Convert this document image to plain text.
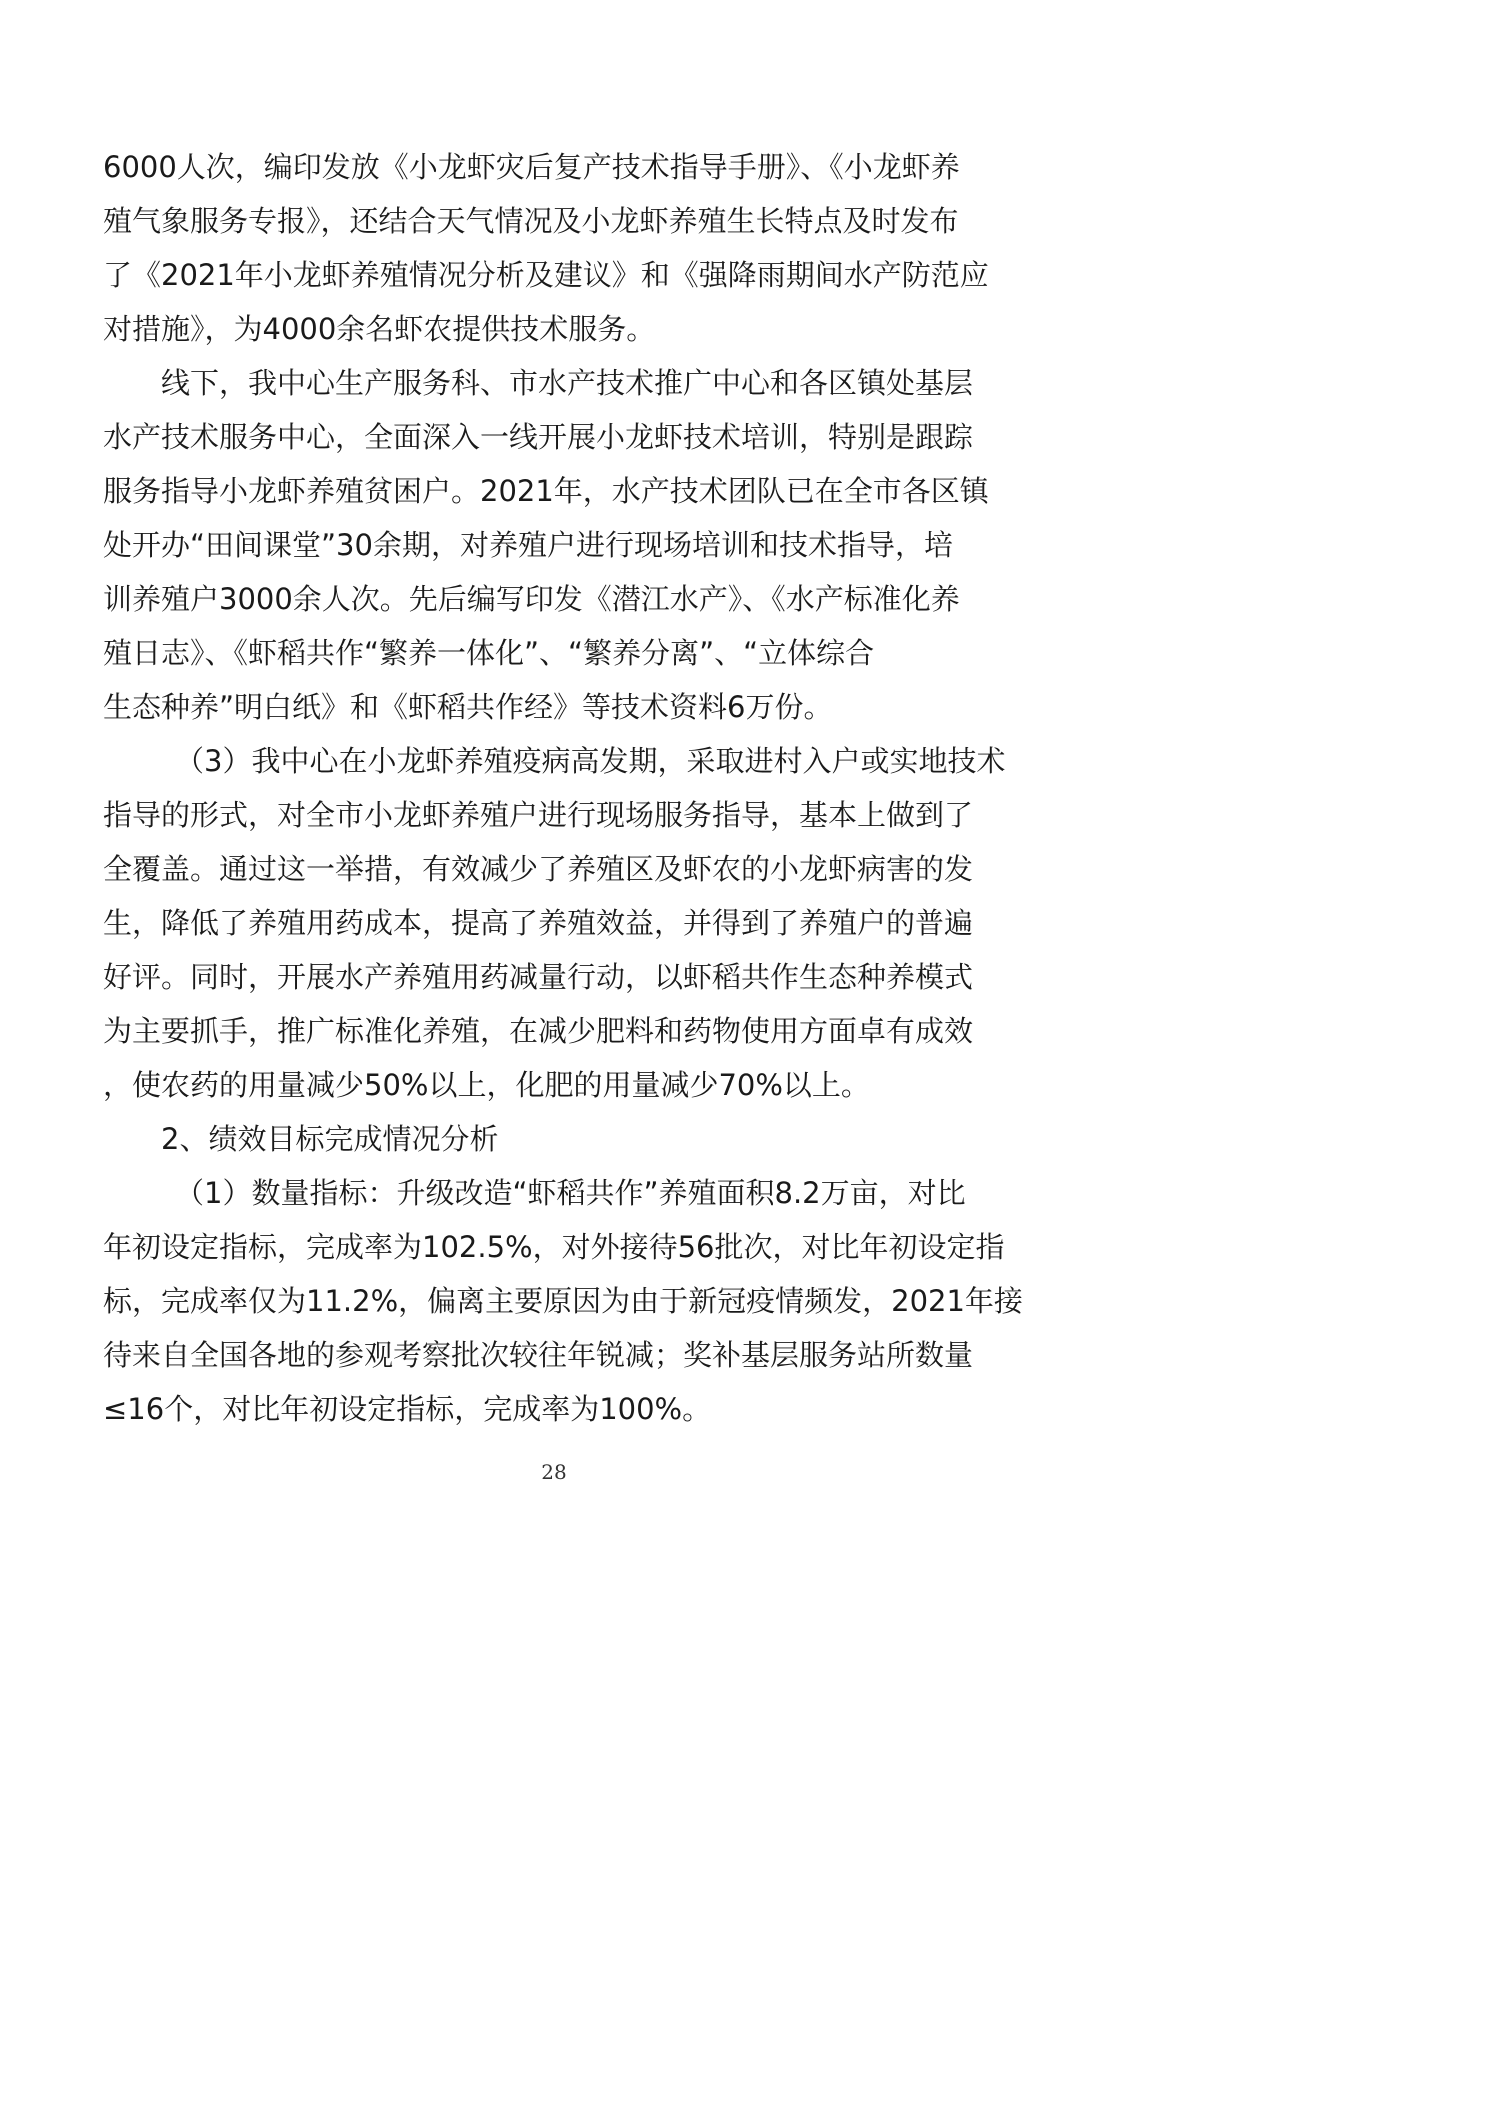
6000人次，编印发放《小龙虾灾后复产技术指导手册》、《小龙虾养
殖气象服务专报》，还结合天气情况及小龙虾养殖生长特点及时发布
了《2021年小龙虾养殖情况分析及建议》和《强降雨期间水产防范应
对措施》，为4000余名虾农提供技术服务。
线下，我中心生产服务科、市水产技术推广中心和各区镇处基层
水产技术服务中心，全面深入一线开展小龙虾技术培训，特别是跟踪
服务指导小龙虾养殖贫困户。2021年，水产技术团队已在全市各区镇
处开办“田间课堂”30余期，对养殖户进行现场培训和技术指导，培
训养殖户3000余人次。先后编写印发《潜江水产》、《水产标准化养
殖日志》、《虾稻共作“繁养一体化”、“繁养分离”、“立体综合
生态种养”明白纸》和《虾稻共作经》等技术资料6万份。
（3）我中心在小龙虾养殖疫病高发期，采取进村入户或实地技术
指导的形式，对全市小龙虾养殖户进行现场服务指导，基本上做到了
全覆盖。通过这一举措，有效减少了养殖区及虾农的小龙虾病害的发
生，降低了养殖用药成本，提高了养殖效益，并得到了养殖户的普遍
好评。同时，开展水产养殖用药减量行动，以虾稻共作生态种养模式
为主要抓手，推广标准化养殖，在减少肥料和药物使用方面卓有成效
，使农药的用量减少50%以上，化肥的用量减少70%以上。
2、绩效目标完成情况分析
（1）数量指标：升级改造“虾稻共作”养殖面积8.2万亩，对比
年初设定指标，完成率为102.5%，对外接待56批次，对比年初设定指
标，完成率仅为11.2%，偏离主要原因为由于新冠疫情频发，2021年接
待来自全国各地的参观考察批次较往年锐减；奖补基层服务站所数量
≤16个，对比年初设定指标，完成率为100%。
28
